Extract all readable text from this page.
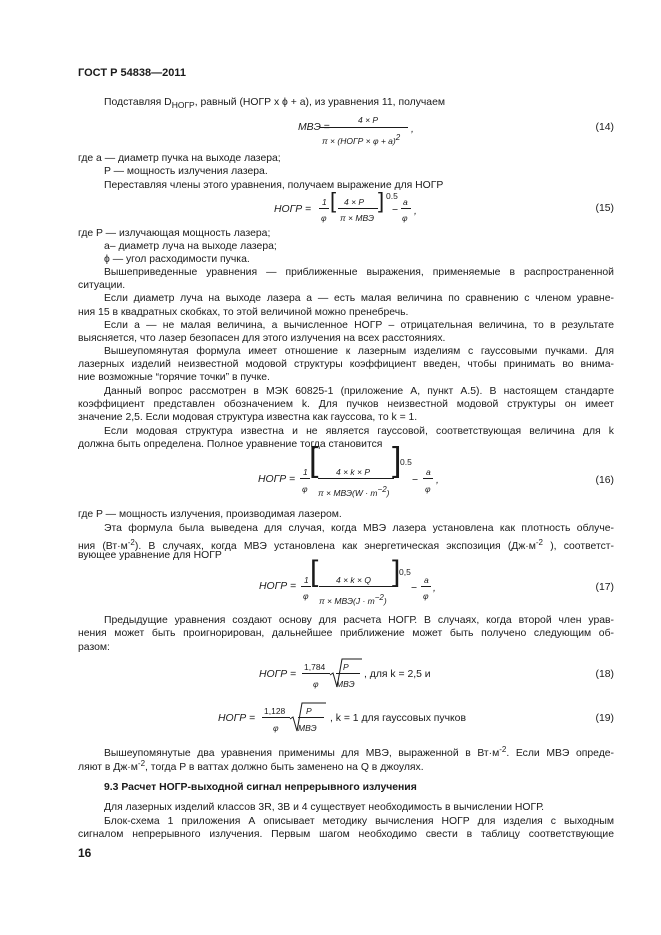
ГОСТ Р 54838—2011
Подставляя $D_{НОГР}$, равный (НОГР х ϕ + a), из уравнения 11, получаем
МВЭ =
4 × P
π × (НОГР × φ + a)2
,	(14)
где a — диаметр пучка на выходе лазера;
P — мощность излучения лазера.
Переставляя члены этого уравнения, получаем выражение для НОГР
НОГР =
1
φ
[ 4 × P
π × МВЭ
] 0.5
−
a
φ
,	(15)
где P — излучающая мощность лазера;
a– диаметр луча на выходе лазера;
ϕ — угол расходимости пучка.
Вышеприведенные уравнения — приближенные выражения, применяемые в распространенной
ситуации.
Если диаметр луча на выходе лазера a — есть малая величина по сравнению с членом уравне-
ния 15 в квадратных скобках, то этой величиной можно пренебречь.
Если a — не малая величина, а вычисленное НОГР – отрицательная величина, то в результате
выясняется, что лазер безопасен для этого излучения на всех расстояниях.
Вышеупомянутая формула имеет отношение к лазерным изделиям с гауссовыми пучками. Для
лазерных изделий неизвестной модовой структуры коэффициент введен, чтобы принимать во внима-
ние возможные “горячие точки” в пучке.
Данный вопрос рассмотрен в МЭК 60825-1 (приложение А, пункт А.5). В настоящем стандарте
коэффициент представлен обозначением k. Для пучков неизвестной модовой структуры он имеет
значение 2,5. Если модовая структура известна как гауссова, то k = 1.
Если модовая структура известна и не является гауссовой, соответствующая величина для k
должна быть определена. Полное уравнение тогда становится
НОГР =
1
φ
[ 4 × k × P
π × МВЭ(W · m−2)
]
0.5
−
a
φ
,	(16)
где P — мощность излучения, производимая лазером.
Эта формула была выведена для случая, когда МВЭ лазера установлена как плотность облуче-
ния $(Вт\cdot м^{-2})$. В случаях, когда МВЭ установлена как энергетическая экспозиция ($Дж\cdot м^{-2}$ ), соответст-
вующее уравнение для НОГР
НОГР =
1
φ
[ 4 × k × Q
π × МВЭ(J · m−2)
]
0,5
−
a
φ
,	(17)
Предыдущие уравнения создают основу для расчета НОГР. В случаях, когда второй член урав-
нения может быть проигнорирован, дальнейшее приближение может быть получено следующим об-
разом:
НОГР =
1,784
φ
P
МВЭ
, для k = 2,5 и	(18)
НОГР =
1,128
φ
P
МВЭ
, k = 1 для гауссовых пучков	(19)
Вышеупомянутые два уравнения применимы для МВЭ, выраженной в $Вт\cdot м^{-2}$. Если МВЭ опреде-
ляют в $Дж\cdot м^{-2}$, тогда P в ваттах должно быть заменено на Q в джоулях.
9.3 Расчет НОГР-выходной сигнал непрерывного излучения
Для лазерных изделий классов 3R, 3B и 4 существует необходимость в вычислении НОГР.
Блок-схема 1 приложения А описывает методику вычисления НОГР для изделия с выходным
сигналом непрерывного излучения. Первым шагом необходимо свести в таблицу соответствующие
16
